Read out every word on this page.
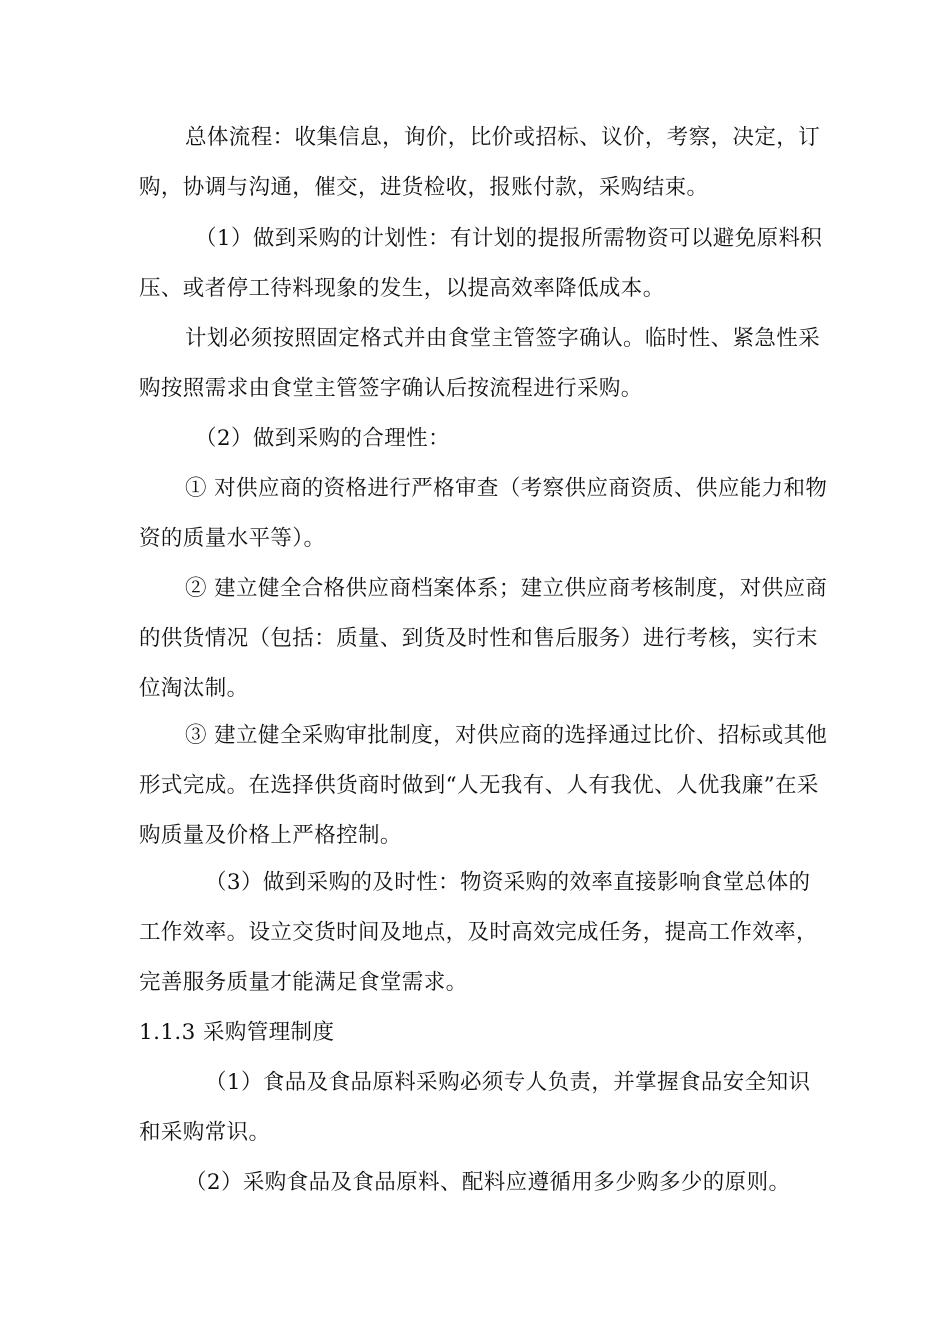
总体流程：收集信息，询价，比价或招标、议价，考察，决定，订购，协调与沟通，催交，进货检收，报账付款，采购结束。

（1）做到采购的计划性：有计划的提报所需物资可以避免原料积压、或者停工待料现象的发生，以提高效率降低成本。

计划必须按照固定格式并由食堂主管签字确认。临时性、紧急性采购按照需求由食堂主管签字确认后按流程进行采购。

（2）做到采购的合理性：

① 对供应商的资格进行严格审查（考察供应商资质、供应能力和物资的质量水平等）。

② 建立健全合格供应商档案体系；建立供应商考核制度，对供应商的供货情况（包括：质量、到货及时性和售后服务）进行考核，实行末位淘汰制。

③ 建立健全采购审批制度，对供应商的选择通过比价、招标或其他形式完成。在选择供货商时做到“人无我有、人有我优、人优我廉”在采购质量及价格上严格控制。

（3）做到采购的及时性：物资采购的效率直接影响食堂总体的工作效率。设立交货时间及地点，及时高效完成任务，提高工作效率，完善服务质量才能满足食堂需求。

1.1.3 采购管理制度

（1）食品及食品原料采购必须专人负责，并掌握食品安全知识和采购常识。

（2）采购食品及食品原料、配料应遵循用多少购多少的原则。
